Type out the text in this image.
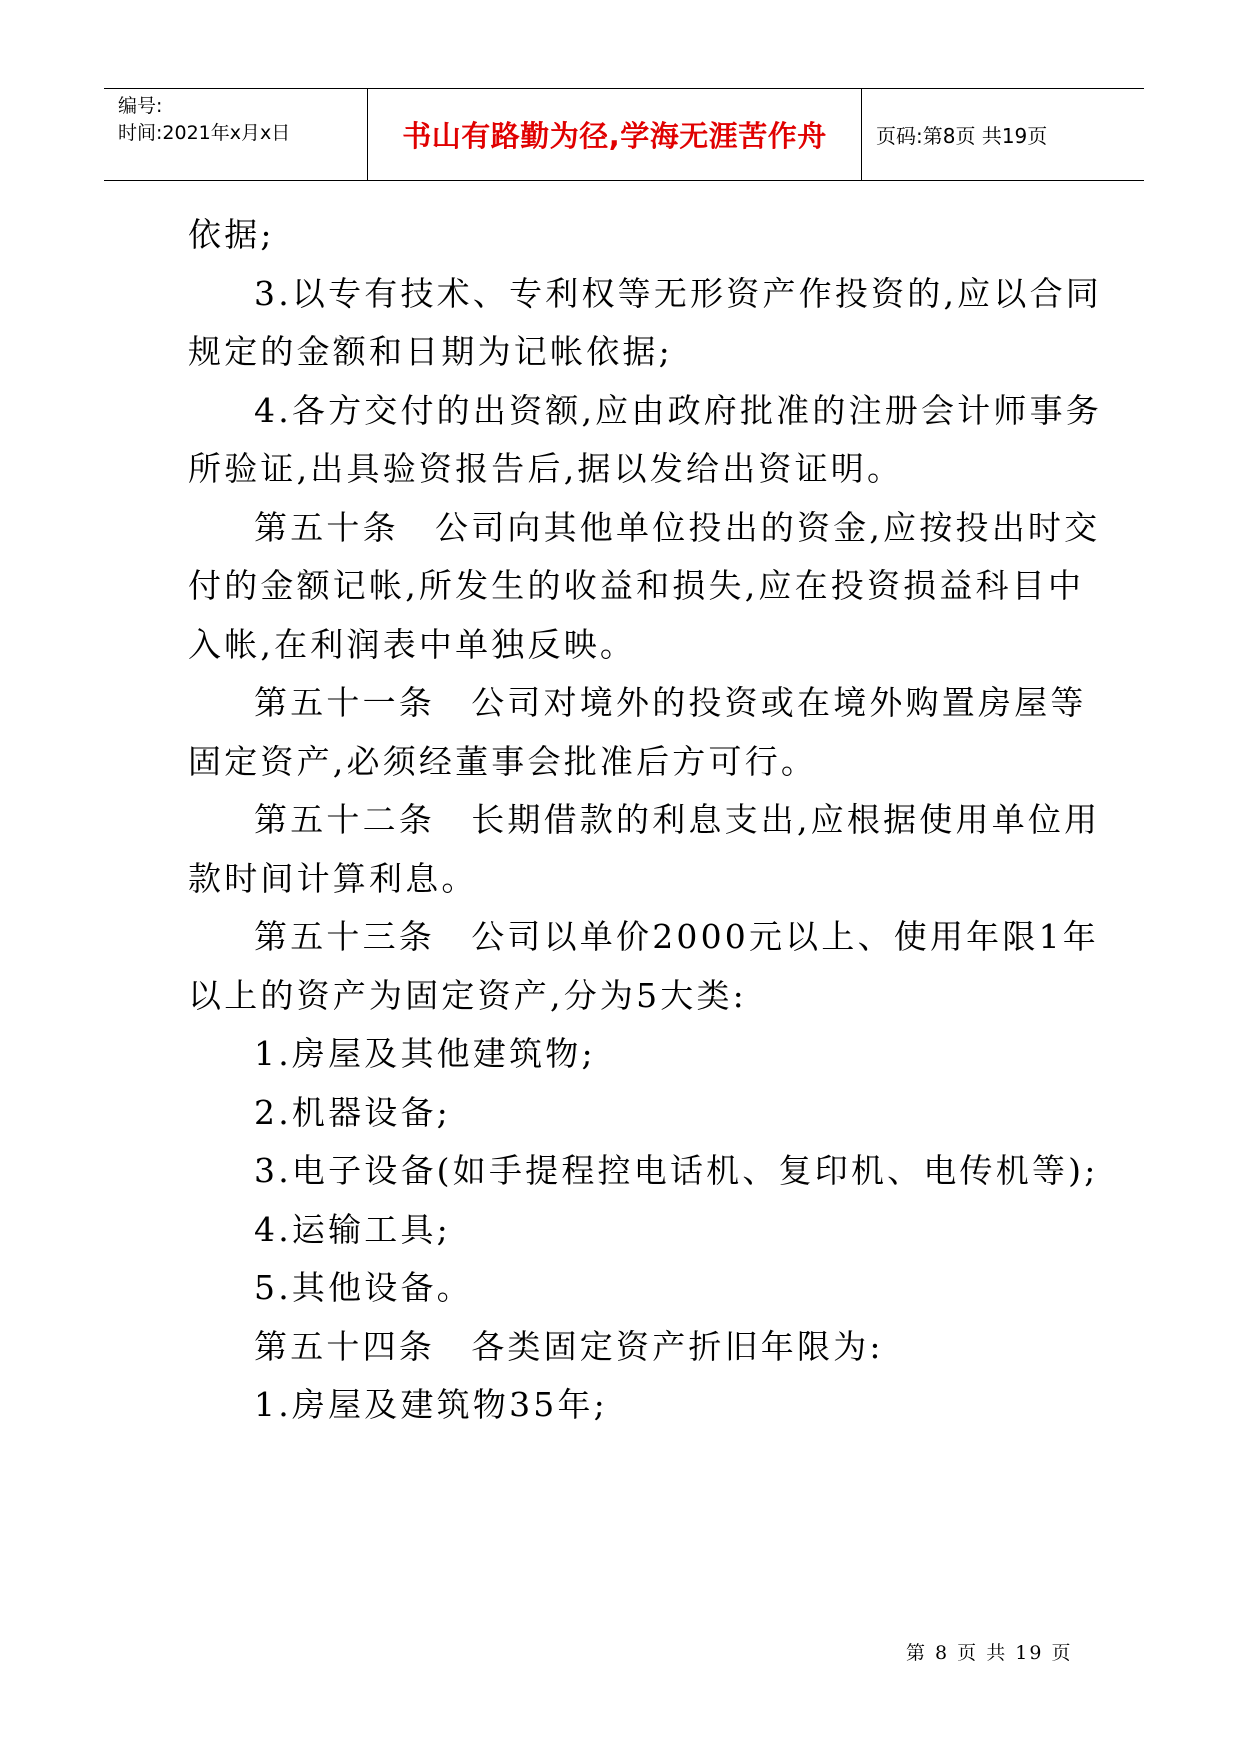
编号:
时间:2021年x月x日	书山有路勤为径,学海无涯苦作舟	页码:第8页 共19页
依据;
3.以专有技术、专利权等无形资产作投资的,应以合同
规定的金额和日期为记帐依据;
4.各方交付的出资额,应由政府批准的注册会计师事务
所验证,出具验资报告后,据以发给出资证明。
第五十条　公司向其他单位投出的资金,应按投出时交
付的金额记帐,所发生的收益和损失,应在投资损益科目中
入帐,在利润表中单独反映。
第五十一条　公司对境外的投资或在境外购置房屋等
固定资产,必须经董事会批准后方可行。
第五十二条　长期借款的利息支出,应根据使用单位用
款时间计算利息。
第五十三条　公司以单价2000元以上、使用年限1年
以上的资产为固定资产,分为5大类:
1.房屋及其他建筑物;
2.机器设备;
3.电子设备(如手提程控电话机、复印机、电传机等);
4.运输工具;
5.其他设备。
第五十四条　各类固定资产折旧年限为:
1.房屋及建筑物35年;
第 8 页 共 19 页
